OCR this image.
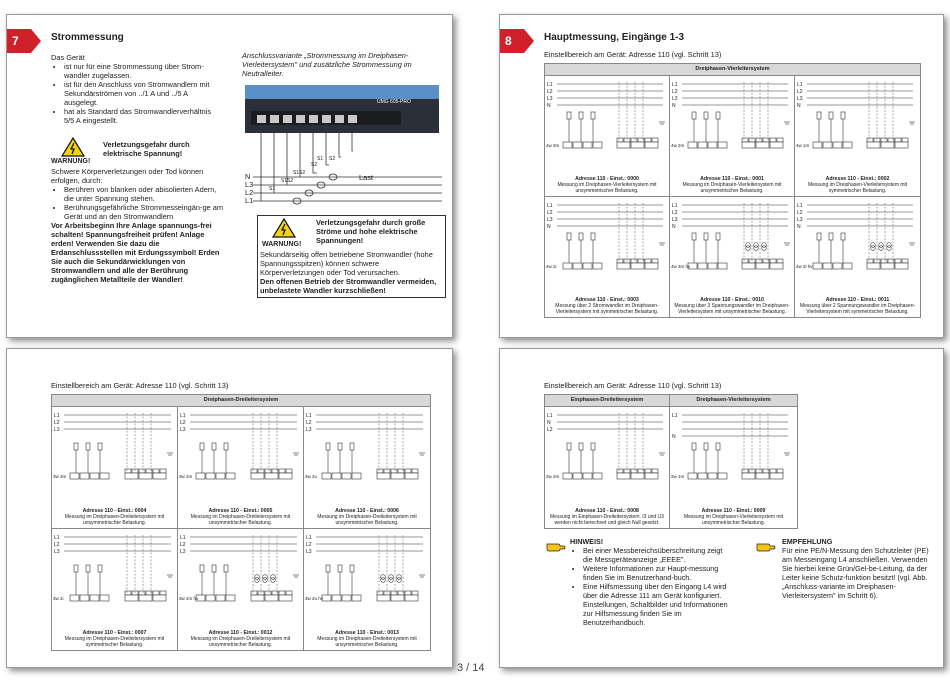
7	Strommessung
Das Gerät
• ist nur für eine Strommessung über Strom-wandler zugelassen.
• ist für den Anschluss von Stromwandlern mit Sekundärströmen von ../1 A und ../5 A ausgelegt.
• hat als Standard das Stromwandlerverhältnis 5/5 A eingestellt.
WARNUNG!
Verletzungsgefahr durch elektrische Spannung!
Schwere Körperverletzungen oder Tod können erfolgen, durch:
• Berühren von blanken oder abisolierten Adern, die unter Spannung stehen.
• Berührungsgefährliche Strommesseingän-ge am Gerät und an den Stromwandlern
Vor Arbeitsbeginn Ihre Anlage spannungs-frei schalten! Spannungsfreiheit prüfen! Anlage erden! Verwenden Sie dazu die Erdanschlussstellen mit Erdungssymbol! Erden Sie auch die Sekundärwicklungen von Stromwandlern und alle der Berührung zugänglichen Metallteile der Wandler!
Anschlussvariante „Strommessung im Dreiphasen-Vierleitersystem" und zusätzliche Strommessung im Neutralleiter.
UMG 605-PRO
N
L3
L2
L1
Last
S1
S2
S1
S2
S1
S2
S1 S2
WARNUNG!
Verletzungsgefahr durch große Ströme und hohe elektrische Spannungen!
Sekundärseitig offen betriebene Stromwandler (hohe Spannungsspitzen) können schwere Körperverletzungen oder Tod verursachen.
Den offenen Betrieb der Stromwandler vermeiden, unbelastete Wandler kurzschließen!
8	Hauptmessung, Eingänge 1-3
Einstellbereich am Gerät: Adresse 110 (vgl. Schritt 13)
Dreiphasen-Vierleitersystem
L1
L2
L3
N
4w 3m
Adresse 110 - Einst.: 0000
Messung im Dreiphasen-Vierleitersystem mit unsymmetrischer Belastung.
L1
L2
L3
N
4w 2m
Adresse 110 - Einst.: 0001
Messung im Dreiphasen-Vierleitersystem mit unsymmetrischer Belastung.
L1
L2
L3
N
4w 1m
Adresse 110 - Einst.: 0002
Messung im Dreiphasen-Vierleitersystem mit symmetrischer Belastung.
L1
L2
L3
N
4w 2i
Adresse 110 - Einst.: 0003
Messung über 2 Stromwandler im Dreiphasen-Vierleitersystem mit symmetrischer Belastung.
L1
L2
L3
N
4w 3m hv
Adresse 110 - Einst.: 0010
Messung über 3 Spannungswandler im Dreiphasen-Vierleitersystem mit unsymmetrischer Belastung.
L1
L2
L3
N
4w 2i hv
Adresse 110 - Einst.: 0011
Messung über 2 Spannungswandler im Dreiphasen-Vierleitersystem mit symmetrischer Belastung.
Einstellbereich am Gerät: Adresse 110 (vgl. Schritt 13)
Dreiphasen-Dreileitersystem
L1
L2
L3
3w 3m
Adresse 110 - Einst.: 0004
Messung im Dreiphasen-Dreileitersystem mit unsymmetrischer Belastung.
L1
L2
L3
3w 2m
Adresse 110 - Einst.: 0005
Messung im Dreiphasen-Dreileitersystem mit unsymmetrischer Belastung.
L1
L2
L3
3w 2u
Adresse 110 - Einst.: 0006
Messung im Dreiphasen-Dreileitersystem mit unsymmetrischer Belastung.
L1
L2
L3
3w 2i
Adresse 110 - Einst.: 0007
Messung im Dreiphasen-Dreileitersystem mit symmetrischer Belastung.
L1
L2
L3
3w 2m hv
Adresse 110 - Einst.: 0012
Messung im Dreiphasen-Dreileitersystem mit unsymmetrischer Belastung.
L1
L2
L3
3w 2u hv
Adresse 110 - Einst.: 0013
Messung im Dreiphasen-Dreileitersystem mit unsymmetrischer Belastung.
Einstellbereich am Gerät: Adresse 110 (vgl. Schritt 13)
Einphasen-Dreileitersystem
L1
N
L2
2w 2m
Adresse 110 - Einst.: 0008
Messung im Einphasen-Dreileitersystem. I3 und U3 werden nicht berechnet und gleich Null gesetzt.
Dreiphasen-Vierleitersystem
L1
N
2w 1m
Adresse 110 - Einst.: 0009
Messung im Dreiphasen-Vierleitersystem mit unsymmetrischer Belastung.
HINWEIS!
• Bei einer Messbereichsüberschreitung zeigt die Messgeräteanzeige „EEEE".
• Weitere Informationen zur Haupt-messung finden Sie im Benutzerhand-buch.
• Eine Hilfsmessung über den Eingang L4 wird über die Adresse 111 am Gerät konfiguriert. Einstellungen, Schaltbilder und Informationen zur Hilfsmessung finden Sie im Benutzerhandbuch.
EMPFEHLUNG
Für eine PE/N-Messung den Schutzleiter (PE) am Messeingang L4 anschließen. Verwenden Sie hierbei keine Grün/Gel-be-Leitung, da der Leiter keine Schutz-funktion besitzt! (vgl. Abb. „Anschluss-variante im Dreiphasen-Vierleitersystem" im Schritt 6).
3 / 14
